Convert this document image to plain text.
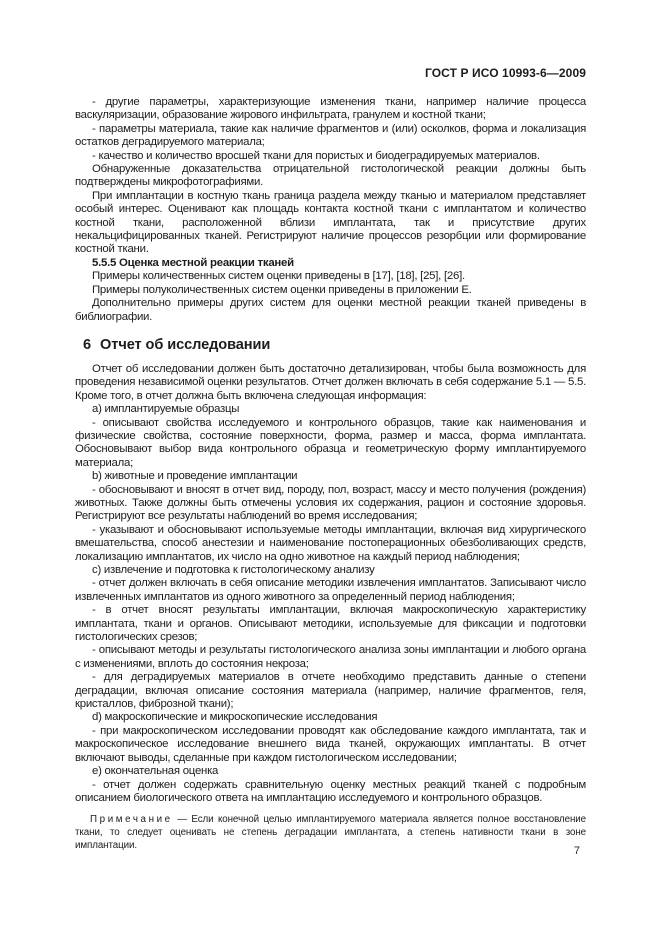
ГОСТ Р ИСО 10993-6—2009

- другие параметры, характеризующие изменения ткани, например наличие процесса васкуляризации, образование жирового инфильтрата, гранулем и костной ткани;

- параметры материала, такие как наличие фрагментов и (или) осколков, форма и локализация остатков деградируемого материала;

- качество и количество вросшей ткани для пористых и биодеградируемых материалов.

Обнаруженные доказательства отрицательной гистологической реакции должны быть подтверждены микрофотографиями.

При имплантации в костную ткань граница раздела между тканью и материалом представляет особый интерес. Оценивают как площадь контакта костной ткани с имплантатом и количество костной ткани, расположенной вблизи имплантата, так и присутствие других некальцифицированных тканей. Регистрируют наличие процессов резорбции или формирование костной ткани.

5.5.5 Оценка местной реакции тканей

Примеры количественных систем оценки приведены в [17], [18], [25], [26].

Примеры полуколичественных систем оценки приведены в приложении Е.

Дополнительно примеры других систем для оценки местной реакции тканей приведены в библиографии.

6 Отчет об исследовании

Отчет об исследовании должен быть достаточно детализирован, чтобы была возможность для проведения независимой оценки результатов. Отчет должен включать в себя содержание 5.1 — 5.5. Кроме того, в отчет должна быть включена следующая информация:

a) имплантируемые образцы

- описывают свойства исследуемого и контрольного образцов, такие как наименования и физические свойства, состояние поверхности, форма, размер и масса, форма имплантата. Обосновывают выбор вида контрольного образца и геометрическую форму имплантируемого материала;

b) животные и проведение имплантации

- обосновывают и вносят в отчет вид, породу, пол, возраст, массу и место получения (рождения) животных. Также должны быть отмечены условия их содержания, рацион и состояние здоровья. Регистрируют все результаты наблюдений во время исследования;

- указывают и обосновывают используемые методы имплантации, включая вид хирургического вмешательства, способ анестезии и наименование постоперационных обезболивающих средств, локализацию имплантатов, их число на одно животное на каждый период наблюдения;

c) извлечение и подготовка к гистологическому анализу

- отчет должен включать в себя описание методики извлечения имплантатов. Записывают число извлеченных имплантатов из одного животного за определенный период наблюдения;

- в отчет вносят результаты имплантации, включая макроскопическую характеристику имплантата, ткани и органов. Описывают методики, используемые для фиксации и подготовки гистологических срезов;

- описывают методы и результаты гистологического анализа зоны имплантации и любого органа с изменениями, вплоть до состояния некроза;

- для деградируемых материалов в отчете необходимо представить данные о степени деградации, включая описание состояния материала (например, наличие фрагментов, геля, кристаллов, фиброзной ткани);

d) макроскопические и микроскопические исследования

- при макроскопическом исследовании проводят как обследование каждого имплантата, так и макроскопическое исследование внешнего вида тканей, окружающих имплантаты. В отчет включают выводы, сделанные при каждом гистологическом исследовании;

e) окончательная оценка

- отчет должен содержать сравнительную оценку местных реакций тканей с подробным описанием биологического ответа на имплантацию исследуемого и контрольного образцов.

Примечание — Если конечной целью имплантируемого материала является полное восстановление ткани, то следует оценивать не степень деградации имплантата, а степень нативности ткани в зоне имплантации.	7
